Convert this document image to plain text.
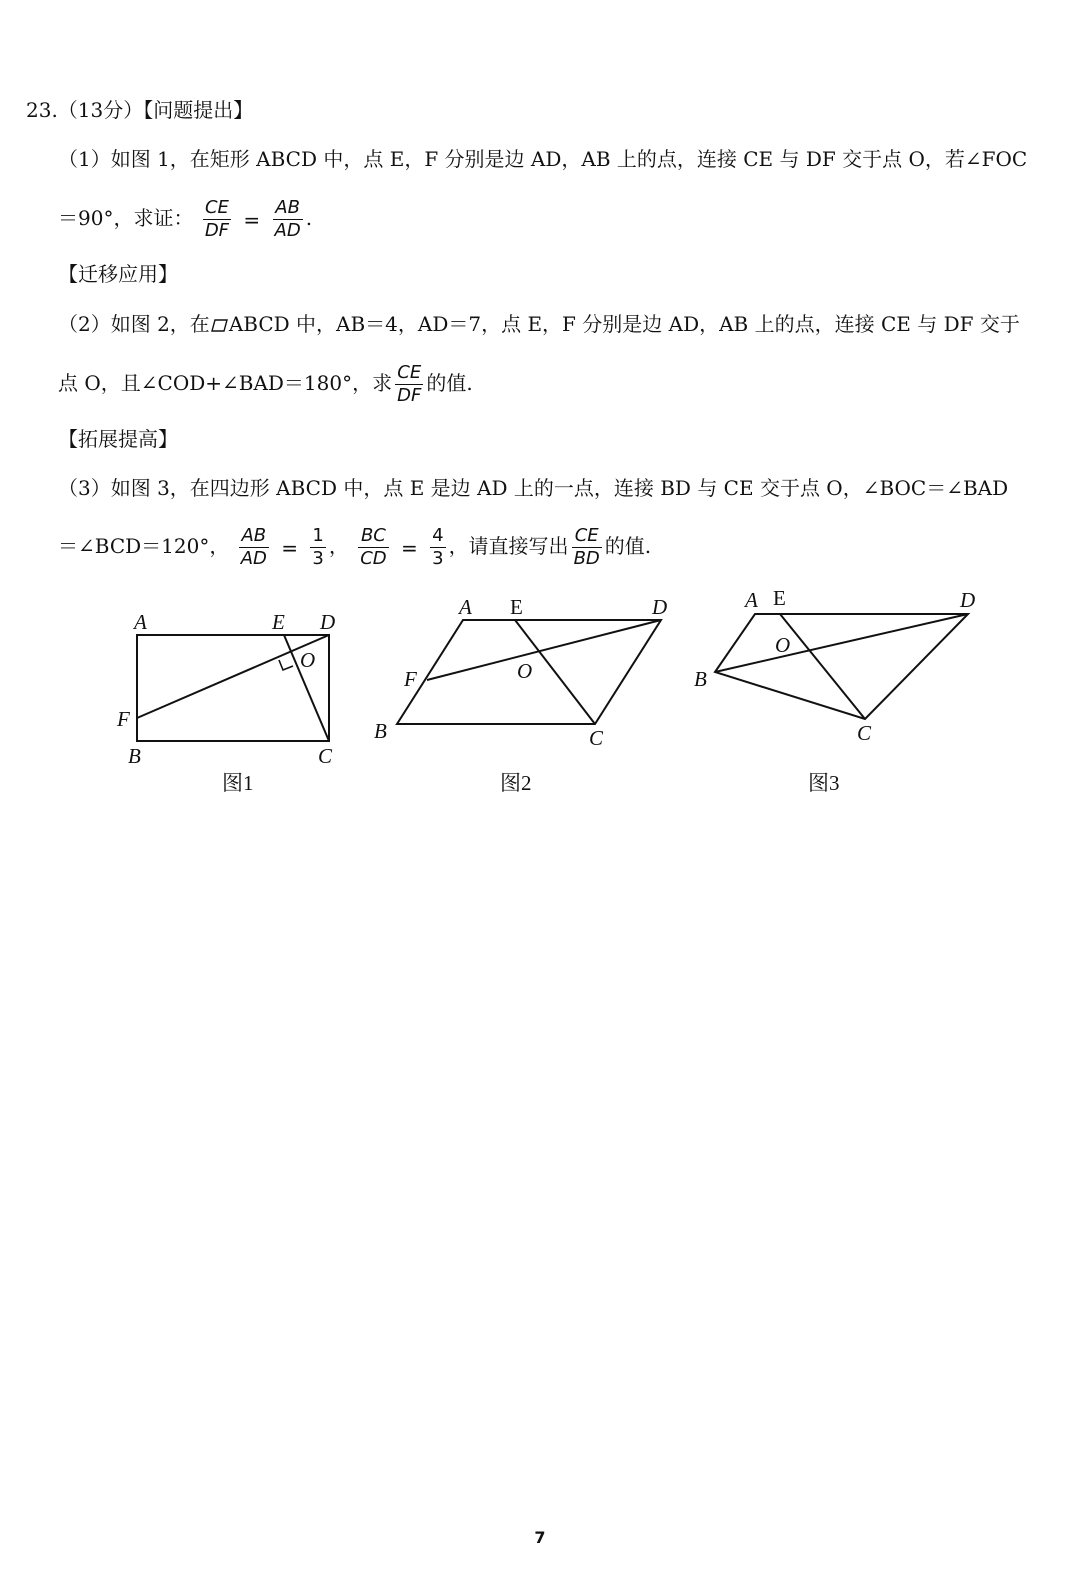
23.（13分）【问题提出】
（1）如图 1，在矩形 ABCD 中，点 E，F 分别是边 AD，AB 上的点，连接 CE 与 DF 交于点 O，若∠FOC
＝90°，求证： $\frac{CE}{DF} = \frac{AB}{AD}$ .
【迁移应用】
（2）如图 2，在 ABCD 中，AB＝4，AD＝7，点 E，F 分别是边 AD，AB 上的点，连接 CE 与 DF 交于
点 O，且∠COD+∠BAD＝180°，求 $\frac{CE}{DF}$ 的值.
【拓展提高】
（3）如图 3，在四边形 ABCD 中，点 E 是边 AD 上的一点，连接 BD 与 CE 交于点 O，∠BOC＝∠BAD
＝∠BCD＝120°， $\frac{AB}{AD} = \frac{1}{3}$ ， $\frac{BC}{CD} = \frac{4}{3}$ ，请直接写出 $\frac{CE}{BD}$ 的值.
A	E D
O
F
B	C
图1
A E	D
F	O
B	C
图2
A E	D
O
B
C
图3
7
